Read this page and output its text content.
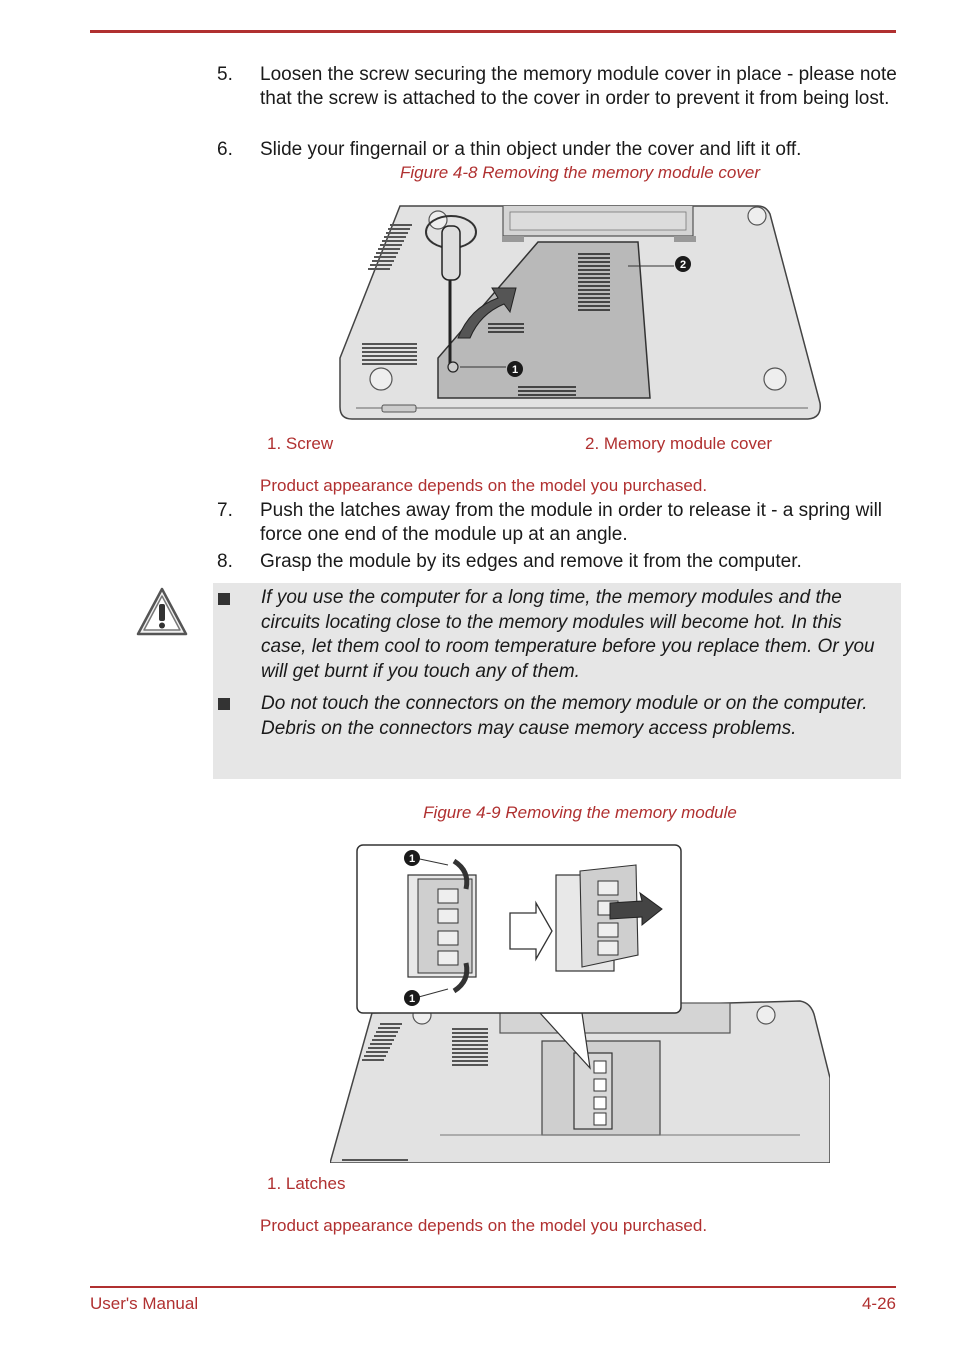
5. Loosen the screw securing the memory module cover in place - please note that the screw is attached to the cover in order to prevent it from being lost.
6. Slide your fingernail or a thin object under the cover and lift it off.
Figure 4-8 Removing the memory module cover
1
2
1. Screw	2. Memory module cover
Product appearance depends on the model you purchased.
7. Push the latches away from the module in order to release it - a spring will force one end of the module up at an angle.
8. Grasp the module by its edges and remove it from the computer.
If you use the computer for a long time, the memory modules and the circuits locating close to the memory modules will become hot. In this case, let them cool to room temperature before you replace them. Or you will get burnt if you touch any of them.
Do not touch the connectors on the memory module or on the computer. Debris on the connectors may cause memory access problems.
Figure 4-9 Removing the memory module
1
1
1. Latches
Product appearance depends on the model you purchased.
User's Manual	4-26
